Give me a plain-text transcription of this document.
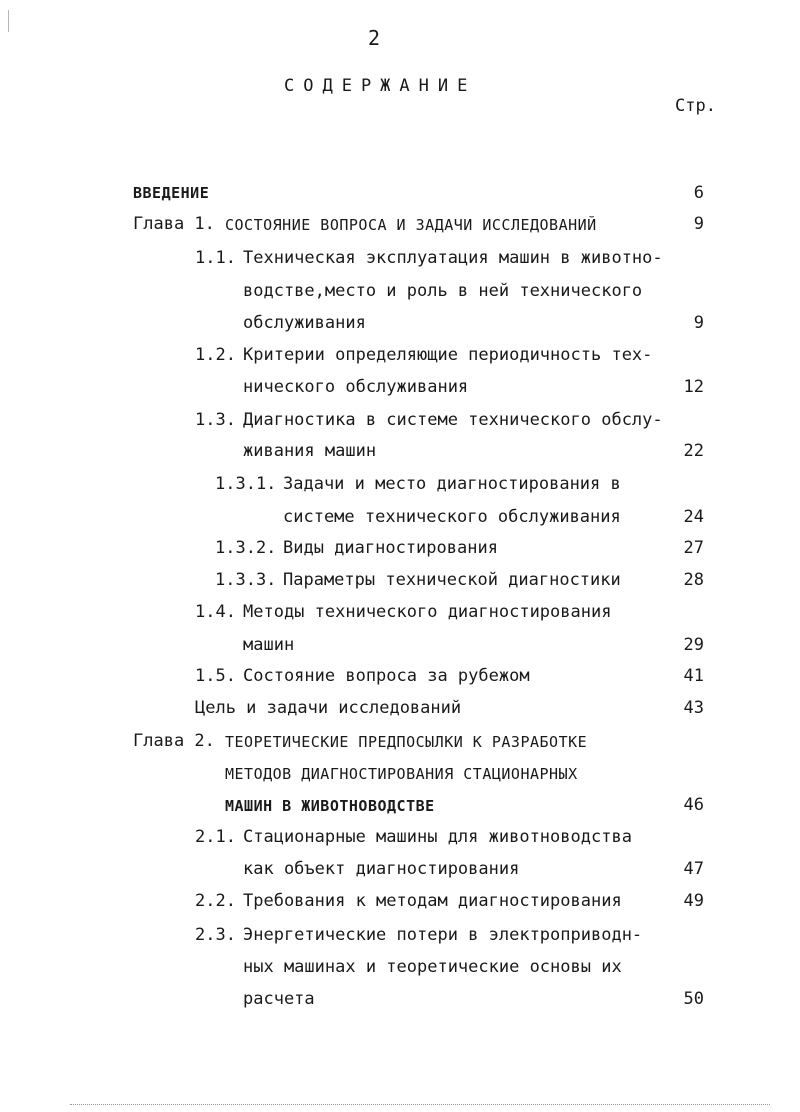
2
СОДЕРЖАНИЕ
Стр.
ВВЕДЕНИЕ	6
Глава 1. СОСТОЯНИЕ ВОПРОСА И ЗАДАЧИ ИССЛЕДОВАНИЙ	9
1.1. Техническая эксплуатация машин в животно-
водстве,место и роль в ней технического
обслуживания	9
1.2. Критерии определяющие периодичность тех-
нического обслуживания	12
1.3. Диагностика в системе технического обслу-
живания машин	22
1.3.1. Задачи и место диагностирования в
системе технического обслуживания	24
1.3.2. Виды диагностирования	27
1.3.3. Параметры технической диагностики	28
1.4. Методы технического диагностирования
машин	29
1.5. Состояние вопроса за рубежом	41
Цель и задачи исследований	43
Глава 2. ТЕОРЕТИЧЕСКИЕ ПРЕДПОСЫЛКИ К РАЗРАБОТКЕ
МЕТОДОВ ДИАГНОСТИРОВАНИЯ СТАЦИОНАРНЫХ
МАШИН В ЖИВОТНОВОДСТВЕ	46
2.1. Стационарные машины для животноводства
как объект диагностирования	47
2.2. Требования к методам диагностирования	49
2.3. Энергетические потери в электроприводн-
ных машинах и теоретические основы их
расчета	50
